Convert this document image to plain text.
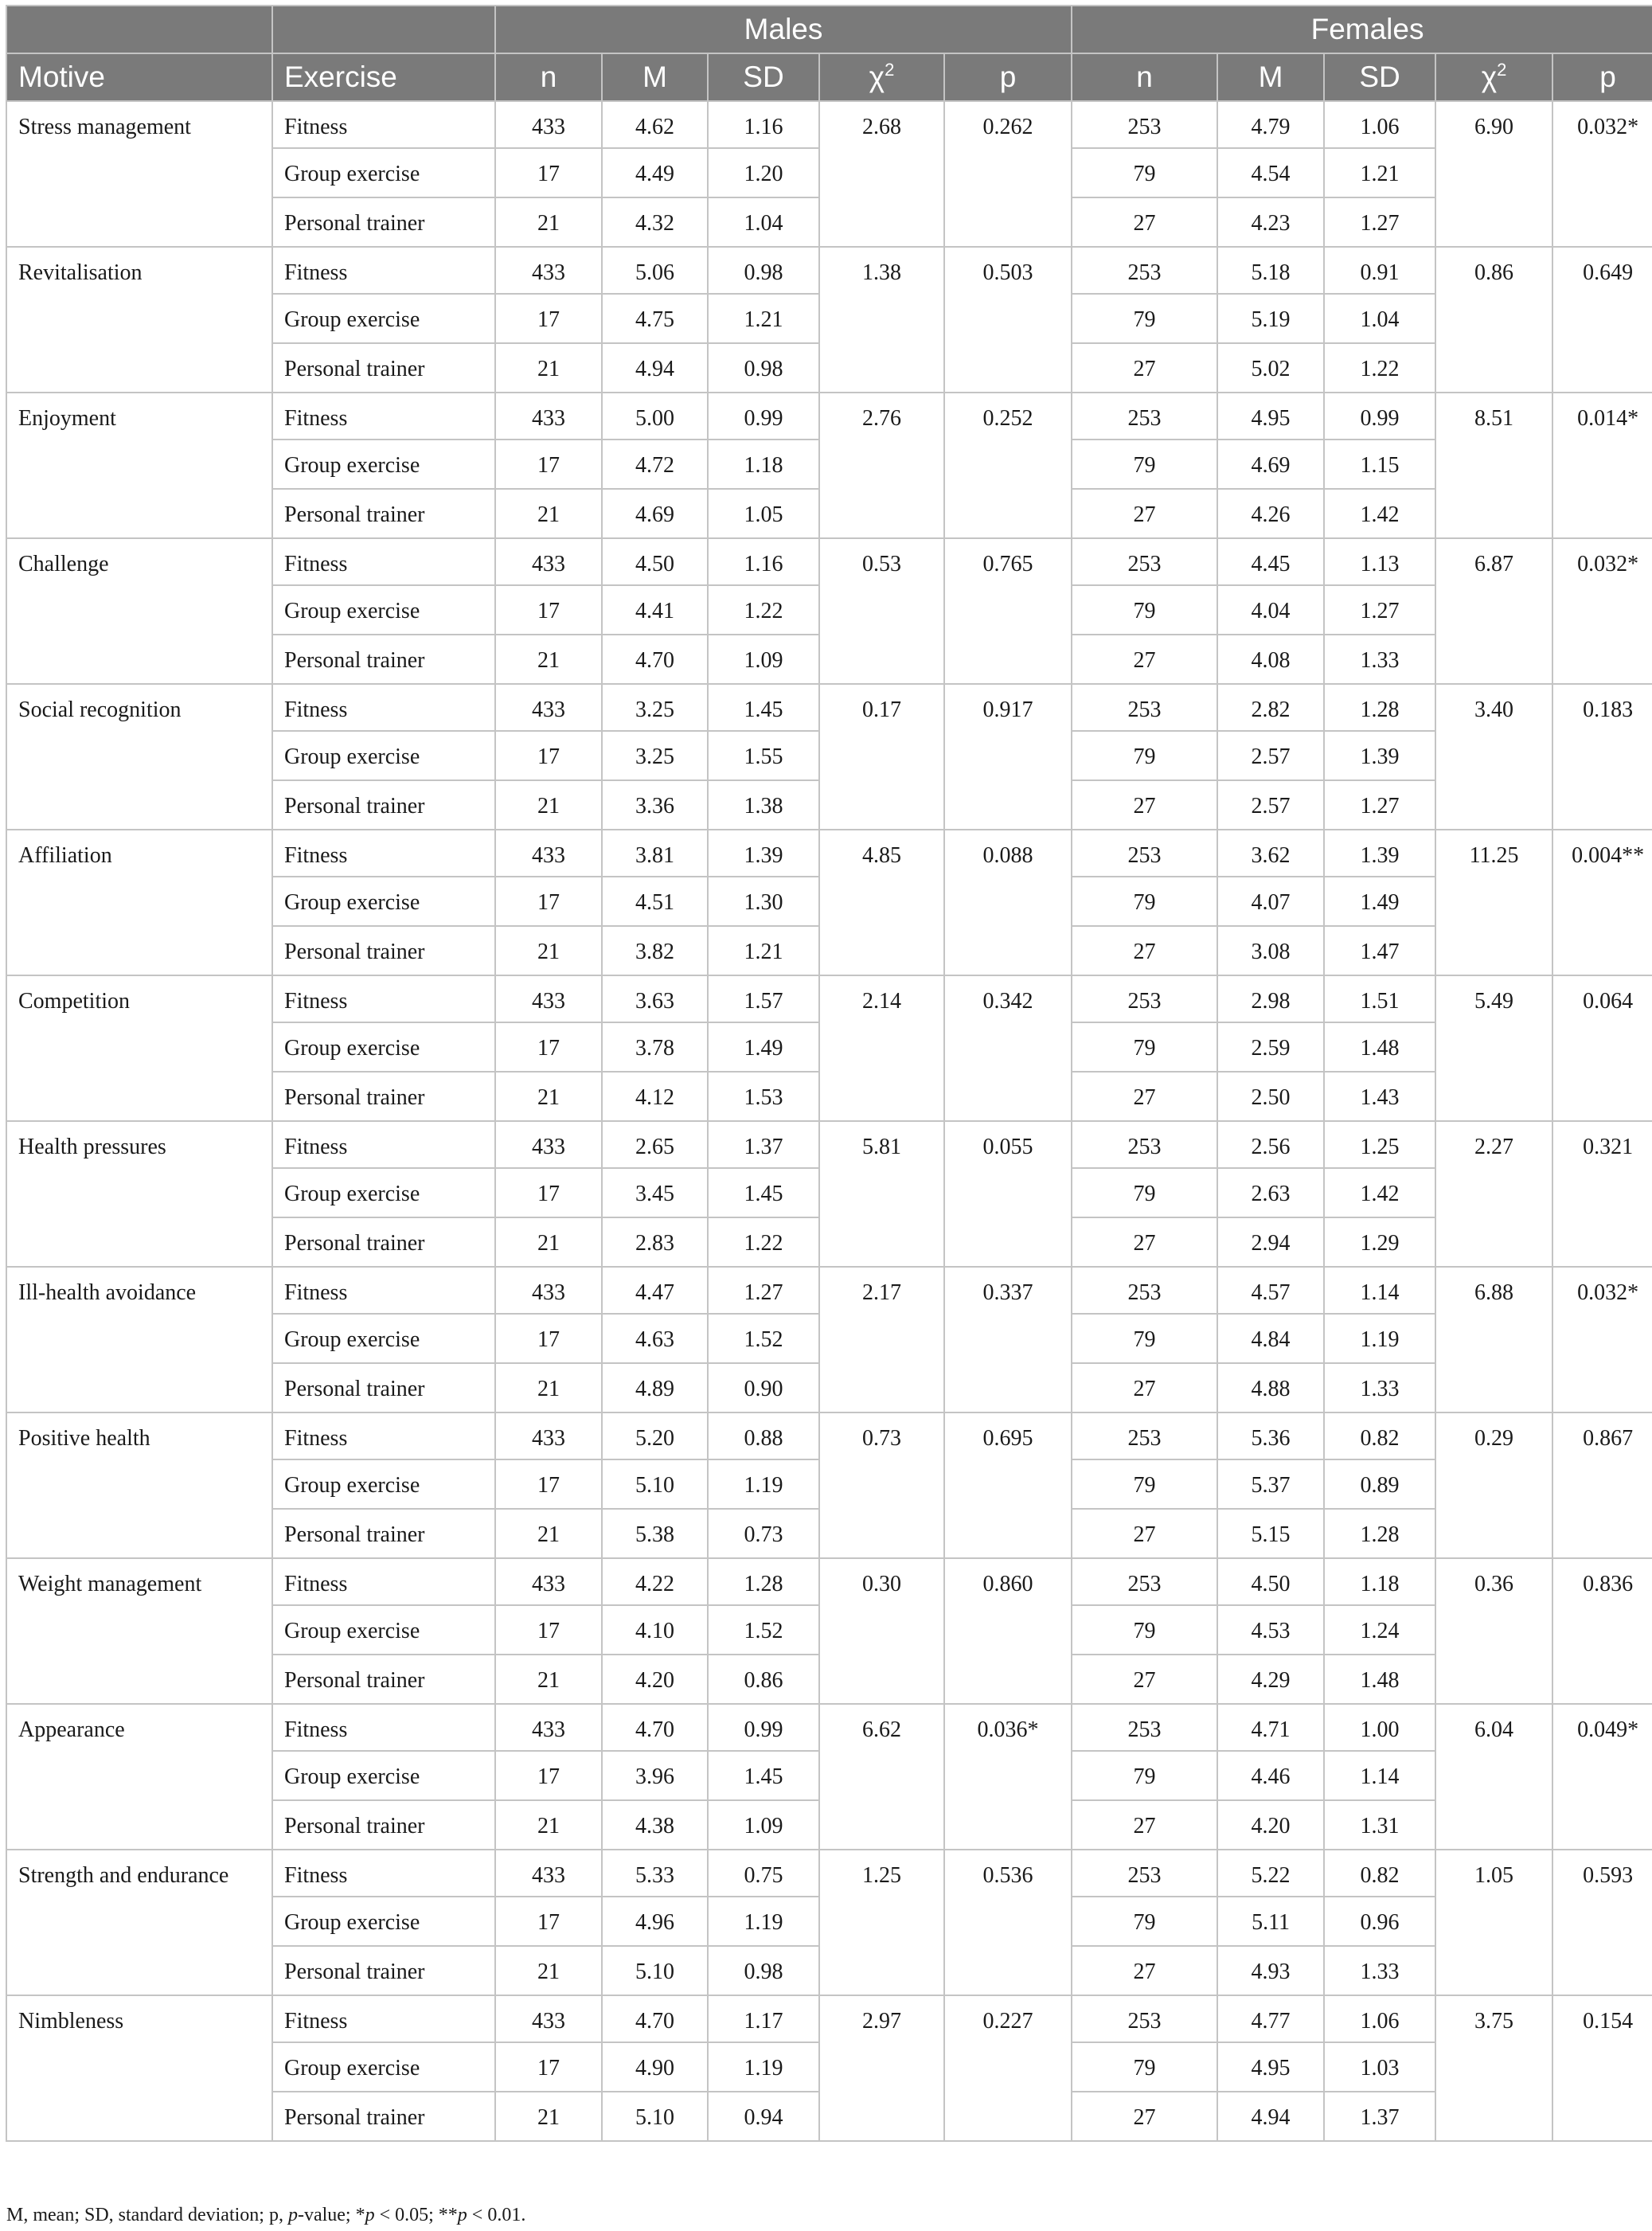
		Males					Females				
Motive	Exercise	n	M	SD	$\chi^2$	p	n	M	SD	$\chi^2$	p
Stress management	Fitness	433	4.62	1.16	2.68	0.262	253	4.79	1.06	6.90	0.032*
	Group exercise	17	4.49	1.20			79	4.54	1.21		
	Personal trainer	21	4.32	1.04			27	4.23	1.27		
Revitalisation	Fitness	433	5.06	0.98	1.38	0.503	253	5.18	0.91	0.86	0.649
	Group exercise	17	4.75	1.21			79	5.19	1.04		
	Personal trainer	21	4.94	0.98			27	5.02	1.22		
Enjoyment	Fitness	433	5.00	0.99	2.76	0.252	253	4.95	0.99	8.51	0.014*
	Group exercise	17	4.72	1.18			79	4.69	1.15		
	Personal trainer	21	4.69	1.05			27	4.26	1.42		
Challenge	Fitness	433	4.50	1.16	0.53	0.765	253	4.45	1.13	6.87	0.032*
	Group exercise	17	4.41	1.22			79	4.04	1.27		
	Personal trainer	21	4.70	1.09			27	4.08	1.33		
Social recognition	Fitness	433	3.25	1.45	0.17	0.917	253	2.82	1.28	3.40	0.183
	Group exercise	17	3.25	1.55			79	2.57	1.39		
	Personal trainer	21	3.36	1.38			27	2.57	1.27		
Affiliation	Fitness	433	3.81	1.39	4.85	0.088	253	3.62	1.39	11.25	0.004**
	Group exercise	17	4.51	1.30			79	4.07	1.49		
	Personal trainer	21	3.82	1.21			27	3.08	1.47		
Competition	Fitness	433	3.63	1.57	2.14	0.342	253	2.98	1.51	5.49	0.064
	Group exercise	17	3.78	1.49			79	2.59	1.48		
	Personal trainer	21	4.12	1.53			27	2.50	1.43		
Health pressures	Fitness	433	2.65	1.37	5.81	0.055	253	2.56	1.25	2.27	0.321
	Group exercise	17	3.45	1.45			79	2.63	1.42		
	Personal trainer	21	2.83	1.22			27	2.94	1.29		
Ill-health avoidance	Fitness	433	4.47	1.27	2.17	0.337	253	4.57	1.14	6.88	0.032*
	Group exercise	17	4.63	1.52			79	4.84	1.19		
	Personal trainer	21	4.89	0.90			27	4.88	1.33		
Positive health	Fitness	433	5.20	0.88	0.73	0.695	253	5.36	0.82	0.29	0.867
	Group exercise	17	5.10	1.19			79	5.37	0.89		
	Personal trainer	21	5.38	0.73			27	5.15	1.28		
Weight management	Fitness	433	4.22	1.28	0.30	0.860	253	4.50	1.18	0.36	0.836
	Group exercise	17	4.10	1.52			79	4.53	1.24		
	Personal trainer	21	4.20	0.86			27	4.29	1.48		
Appearance	Fitness	433	4.70	0.99	6.62	0.036*	253	4.71	1.00	6.04	0.049*
	Group exercise	17	3.96	1.45			79	4.46	1.14		
	Personal trainer	21	4.38	1.09			27	4.20	1.31		
Strength and endurance	Fitness	433	5.33	0.75	1.25	0.536	253	5.22	0.82	1.05	0.593
	Group exercise	17	4.96	1.19			79	5.11	0.96		
	Personal trainer	21	5.10	0.98			27	4.93	1.33		
Nimbleness	Fitness	433	4.70	1.17	2.97	0.227	253	4.77	1.06	3.75	0.154
	Group exercise	17	4.90	1.19			79	4.95	1.03		
	Personal trainer	21	5.10	0.94			27	4.94	1.37		
M, mean; SD, standard deviation; p, p-value; *p < 0.05; **p < 0.01.
